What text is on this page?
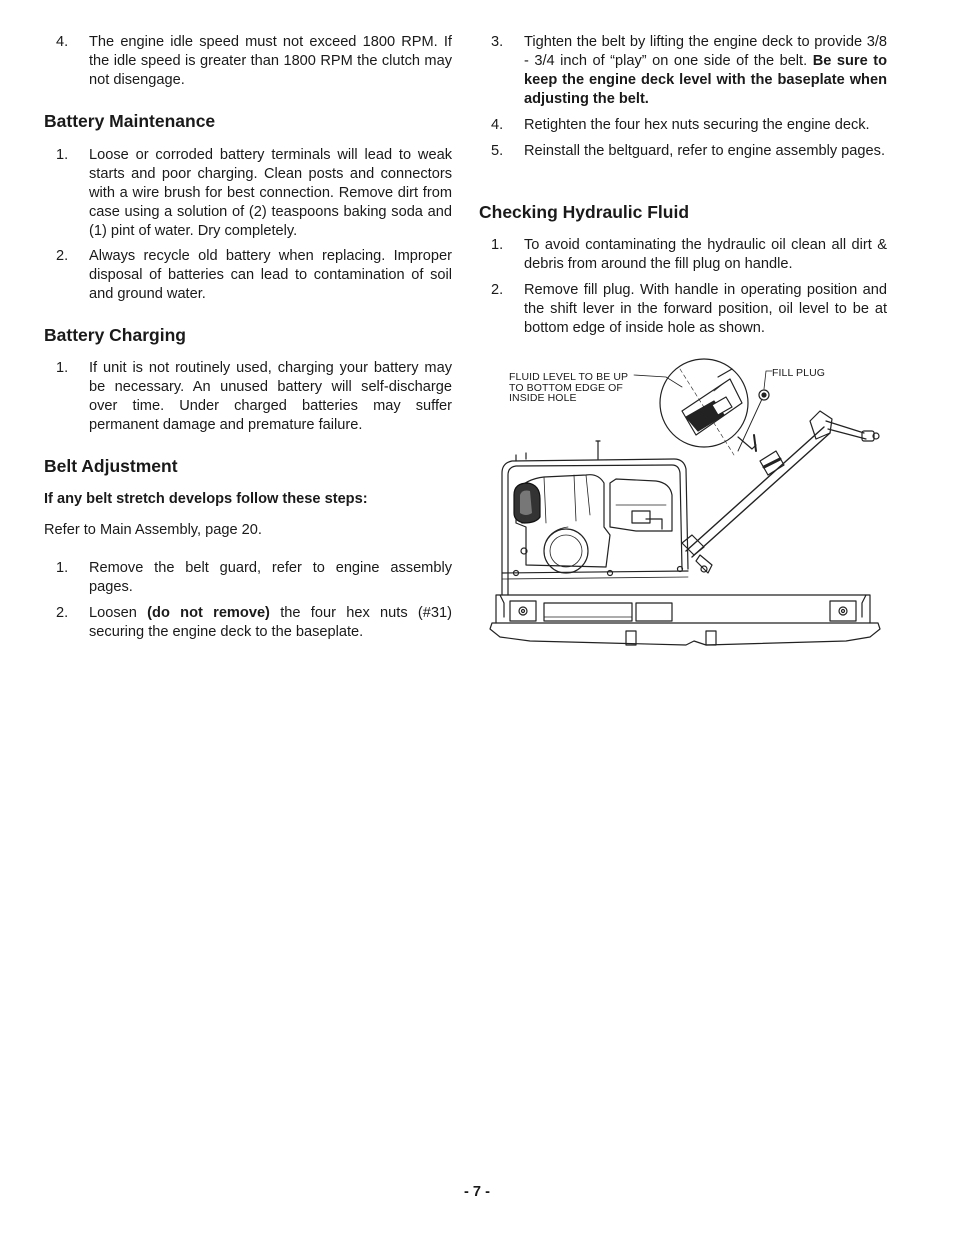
4. The engine idle speed must not exceed 1800 RPM. If the idle speed is greater than 1800 RPM the clutch may not disengage.
Battery Maintenance
1. Loose or corroded battery terminals will lead to weak starts and poor charging. Clean posts and connectors with a wire brush for best connection. Remove dirt from case using a solution of (2) teaspoons baking soda and (1) pint of water. Dry completely.
2. Always recycle old battery when replacing. Improper disposal of batteries can lead to contamination of soil and ground water.
Battery Charging
1. If unit is not routinely used, charging your battery may be necessary. An unused battery will self-discharge over time. Under charged batteries may suffer permanent damage and premature failure.
Belt Adjustment
If any belt stretch develops follow these steps:
Refer to Main Assembly, page 20.
1. Remove the belt guard, refer to engine assembly pages.
2. Loosen (do not remove) the four hex nuts (#31) securing the engine deck to the baseplate.
3. Tighten the belt by lifting the engine deck to provide 3/8 - 3/4 inch of “play” on one side of the belt. Be sure to keep the engine deck level with the baseplate when adjusting the belt.
4. Retighten the four hex nuts securing the engine deck.
5. Reinstall the beltguard, refer to engine assembly pages.
Checking Hydraulic Fluid
1. To avoid contaminating the hydraulic oil clean all dirt & debris from around the fill plug on handle.
2. Remove fill plug. With handle in operating position and the shift lever in the forward position, oil level to be at bottom edge of inside hole as shown.
FLUID LEVEL TO BE UP
TO BOTTOM EDGE OF
INSIDE HOLE
FILL PLUG
- 7 -
